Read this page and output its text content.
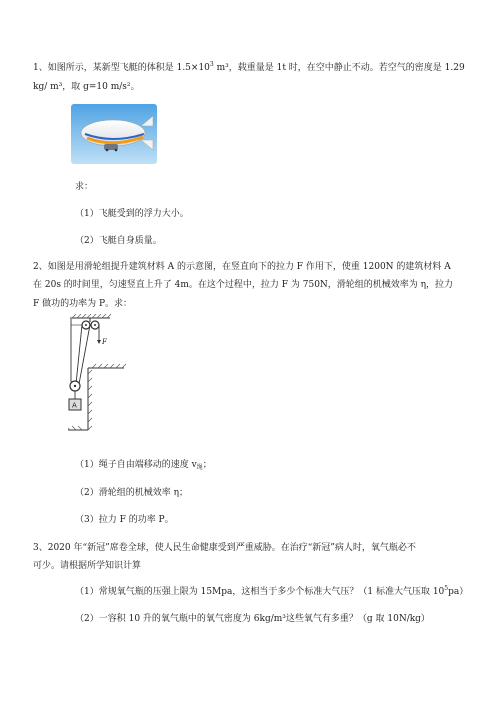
1、如图所示，某新型飞艇的体积是 $1.5\times 10^3$ m³，载重量是 1t 时，在空中静止不动。若空气的密度是 1.29
kg/ m³，取 g=10 m/s²。
求：
（1）飞艇受到的浮力大小。
（2）飞艇自身质量。
2、如图是用滑轮组提升建筑材料 A 的示意图，在竖直向下的拉力 F 作用下，使重 1200N 的建筑材料 A
在 20s 的时间里，匀速竖直上升了 4m。在这个过程中，拉力 F 为 750N，滑轮组的机械效率为 η，拉力
F 做功的功率为 P。求：
F
A
（1）绳子自由端移动的速度 $v_绳$；
（2）滑轮组的机械效率 η；
（3）拉力 F 的功率 P。
3、2020 年“新冠”席卷全球，使人民生命健康受到严重威胁。在治疗“新冠”病人时，氧气瓶必不
可少。请根据所学知识计算
（1）常规氧气瓶的压强上限为 15Mpa，这相当于多少个标准大气压？（1 标准大气压取 $10^5pa$）
（2）一容积 10 升的氧气瓶中的氧气密度为 6kg/m³这些氧气有多重？（g 取 10N/kg）
